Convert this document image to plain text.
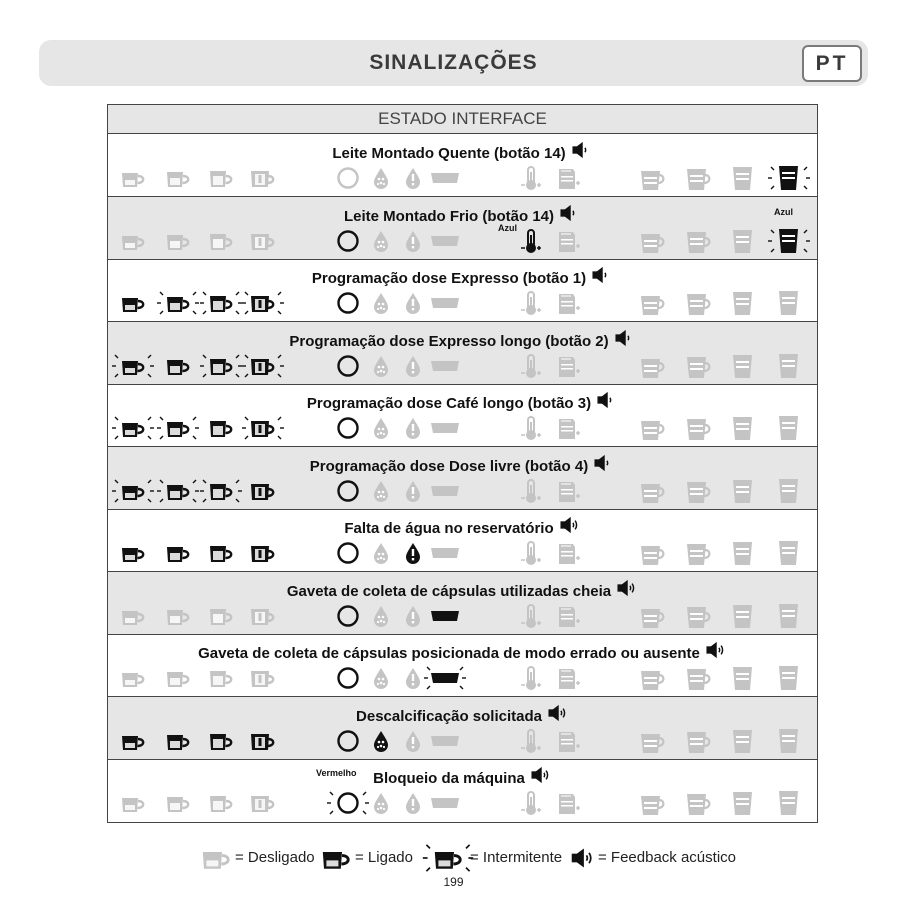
SINALIZAÇÕES	PT
ESTADO INTERFACE
Leite Montado Quente (botão 14)
Leite Montado Frio (botão 14)
Azul
Azul
Programação dose Expresso (botão 1)
Programação dose Expresso longo (botão 2)
Programação dose Café longo (botão 3)
Programação dose Dose livre (botão 4)
Falta de água no reservatório
Gaveta de coleta de cápsulas utilizadas cheia
Gaveta de coleta de cápsulas posicionada de modo errado ou ausente
Descalcificação solicitada
Bloqueio da máquina
Vermelho
= Desligado	= Ligado	= Intermitente = Feedback acústico
199
